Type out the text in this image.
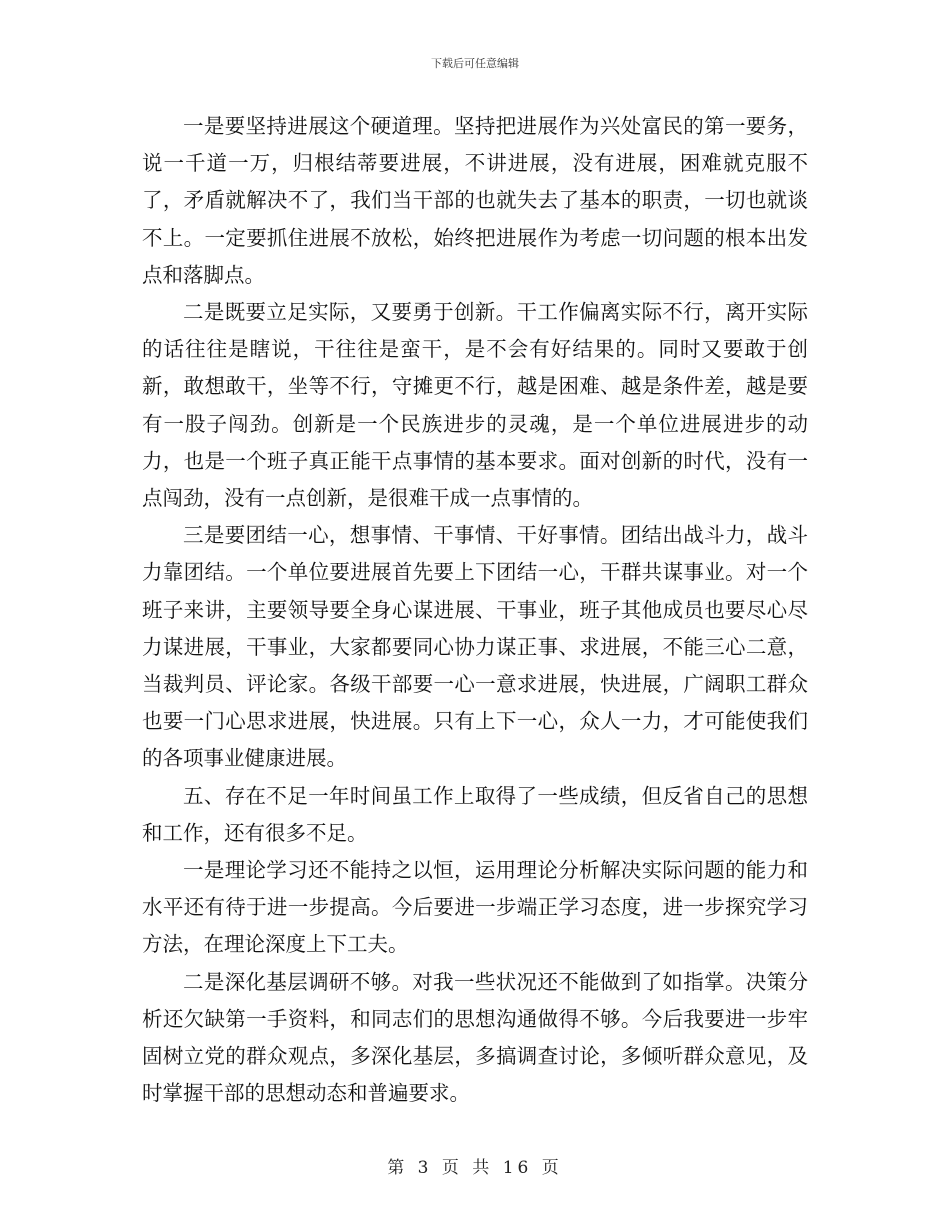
下载后可任意编辑

一是要坚持进展这个硬道理。坚持把进展作为兴处富民的第一要务，说一千道一万，归根结蒂要进展，不讲进展，没有进展，困难就克服不了，矛盾就解决不了，我们当干部的也就失去了基本的职责，一切也就谈不上。一定要抓住进展不放松，始终把进展作为考虑一切问题的根本出发点和落脚点。

二是既要立足实际，又要勇于创新。干工作偏离实际不行，离开实际的话往往是瞎说，干往往是蛮干，是不会有好结果的。同时又要敢于创新，敢想敢干，坐等不行，守摊更不行，越是困难、越是条件差，越是要有一股子闯劲。创新是一个民族进步的灵魂，是一个单位进展进步的动力，也是一个班子真正能干点事情的基本要求。面对创新的时代，没有一点闯劲，没有一点创新，是很难干成一点事情的。

三是要团结一心，想事情、干事情、干好事情。团结出战斗力，战斗力靠团结。一个单位要进展首先要上下团结一心，干群共谋事业。对一个班子来讲，主要领导要全身心谋进展、干事业，班子其他成员也要尽心尽力谋进展，干事业，大家都要同心协力谋正事、求进展，不能三心二意，当裁判员、评论家。各级干部要一心一意求进展，快进展，广阔职工群众也要一门心思求进展，快进展。只有上下一心，众人一力，才可能使我们的各项事业健康进展。

五、存在不足一年时间虽工作上取得了一些成绩，但反省自己的思想和工作，还有很多不足。

一是理论学习还不能持之以恒，运用理论分析解决实际问题的能力和水平还有待于进一步提高。今后要进一步端正学习态度，进一步探究学习方法，在理论深度上下工夫。

二是深化基层调研不够。对我一些状况还不能做到了如指掌。决策分析还欠缺第一手资料，和同志们的思想沟通做得不够。今后我要进一步牢固树立党的群众观点，多深化基层，多搞调查讨论，多倾听群众意见，及时掌握干部的思想动态和普遍要求。

第 3 页 共 16 页
